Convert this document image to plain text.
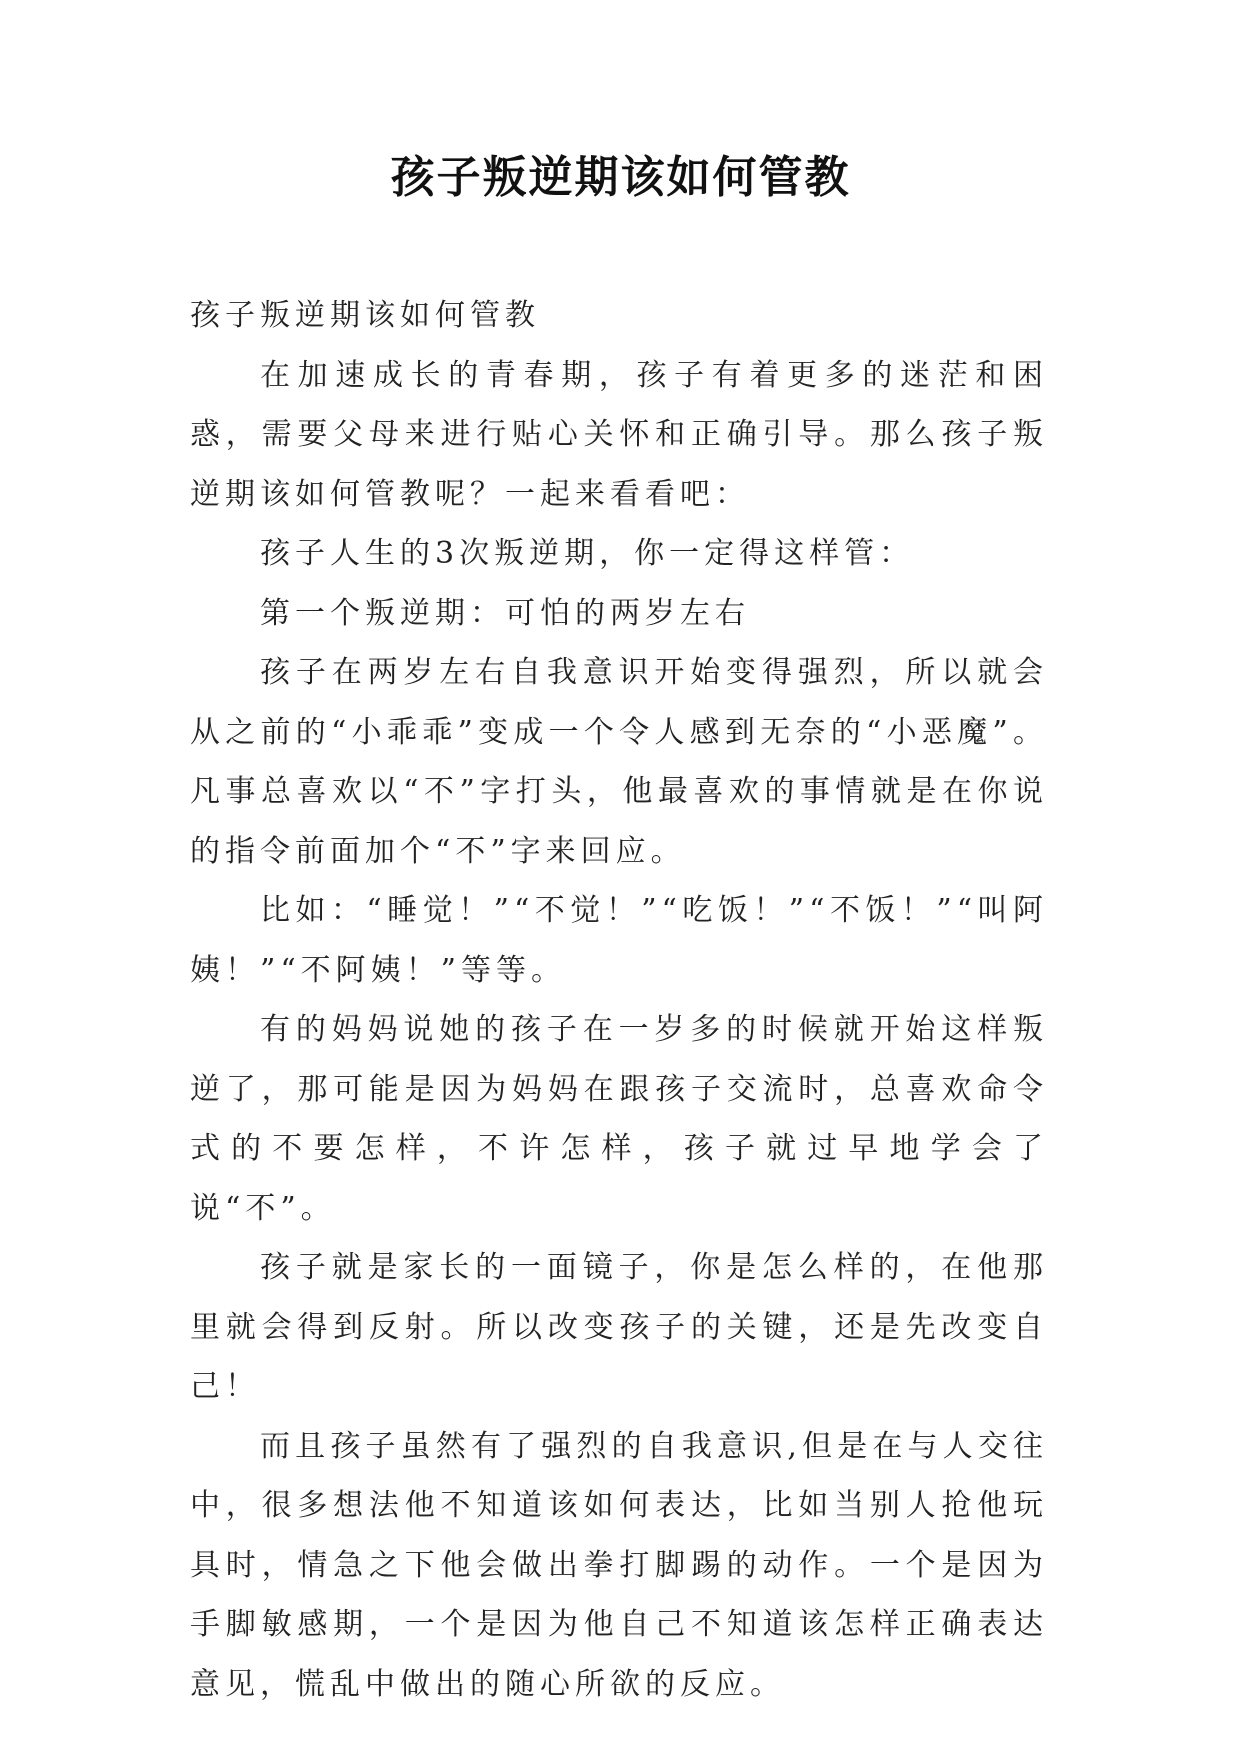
孩子叛逆期该如何管教

孩子叛逆期该如何管教

在加速成长的青春期，孩子有着更多的迷茫和困惑，需要父母来进行贴心关怀和正确引导。那么孩子叛逆期该如何管教呢？一起来看看吧：

孩子人生的3次叛逆期，你一定得这样管：

第一个叛逆期：可怕的两岁左右

孩子在两岁左右自我意识开始变得强烈，所以就会从之前的“小乖乖”变成一个令人感到无奈的“小恶魔”。凡事总喜欢以“不”字打头，他最喜欢的事情就是在你说的指令前面加个“不”字来回应。

比如：“睡觉！”“不觉！”“吃饭！”“不饭！”“叫阿姨！”“不阿姨！”等等。

有的妈妈说她的孩子在一岁多的时候就开始这样叛逆了，那可能是因为妈妈在跟孩子交流时，总喜欢命令式的不要怎样，不许怎样，孩子就过早地学会了说“不”。

孩子就是家长的一面镜子，你是怎么样的，在他那里就会得到反射。所以改变孩子的关键，还是先改变自己！

而且孩子虽然有了强烈的自我意识,但是在与人交往中，很多想法他不知道该如何表达，比如当别人抢他玩具时，情急之下他会做出拳打脚踢的动作。一个是因为手脚敏感期，一个是因为他自己不知道该怎样正确表达意见，慌乱中做出的随心所欲的反应。
